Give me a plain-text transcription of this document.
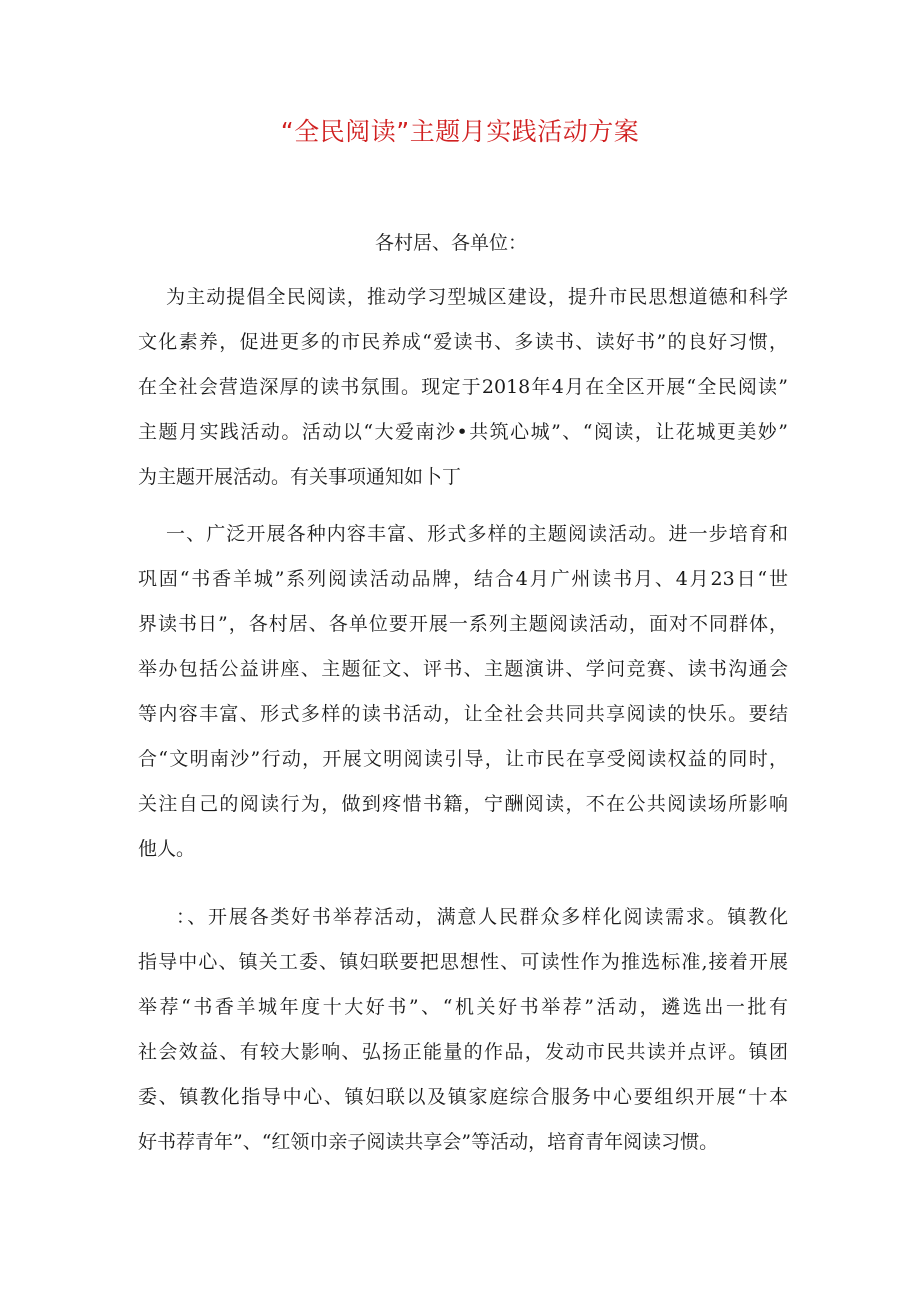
“全民阅读”主题月实践活动方案
各村居、各单位：
为主动提倡全民阅读，推动学习型城区建设，提升市民思想道德和科学
文化素养，促进更多的市民养成“爱读书、多读书、读好书”的良好习惯，
在全社会营造深厚的读书氛围。现定于2018年4月在全区开展“全民阅读”
主题月实践活动。活动以“大爱南沙•共筑心城”、“阅读，让花城更美妙”
为主题开展活动。有关事项通知如卜丁
一、广泛开展各种内容丰富、形式多样的主题阅读活动。进一步培育和
巩固“书香羊城”系列阅读活动品牌，结合4月广州读书月、4月23日“世
界读书日”，各村居、各单位要开展一系列主题阅读活动，面对不同群体，
举办包括公益讲座、主题征文、评书、主题演讲、学问竞赛、读书沟通会
等内容丰富、形式多样的读书活动，让全社会共同共享阅读的快乐。要结
合“文明南沙”行动，开展文明阅读引导，让市民在享受阅读权益的同时，
关注自己的阅读行为，做到疼惜书籍，宁酬阅读，不在公共阅读场所影响
他人。
：、开展各类好书举荐活动，满意人民群众多样化阅读需求。镇教化
指导中心、镇关工委、镇妇联要把思想性、可读性作为推选标准,接着开展
举荐“书香羊城年度十大好书”、“机关好书举荐”活动，遴选出一批有
社会效益、有较大影响、弘扬正能量的作品，发动市民共读并点评。镇团
委、镇教化指导中心、镇妇联以及镇家庭综合服务中心要组织开展“十本
好书荐青年”、“红领巾亲子阅读共享会”等活动，培育青年阅读习惯。
